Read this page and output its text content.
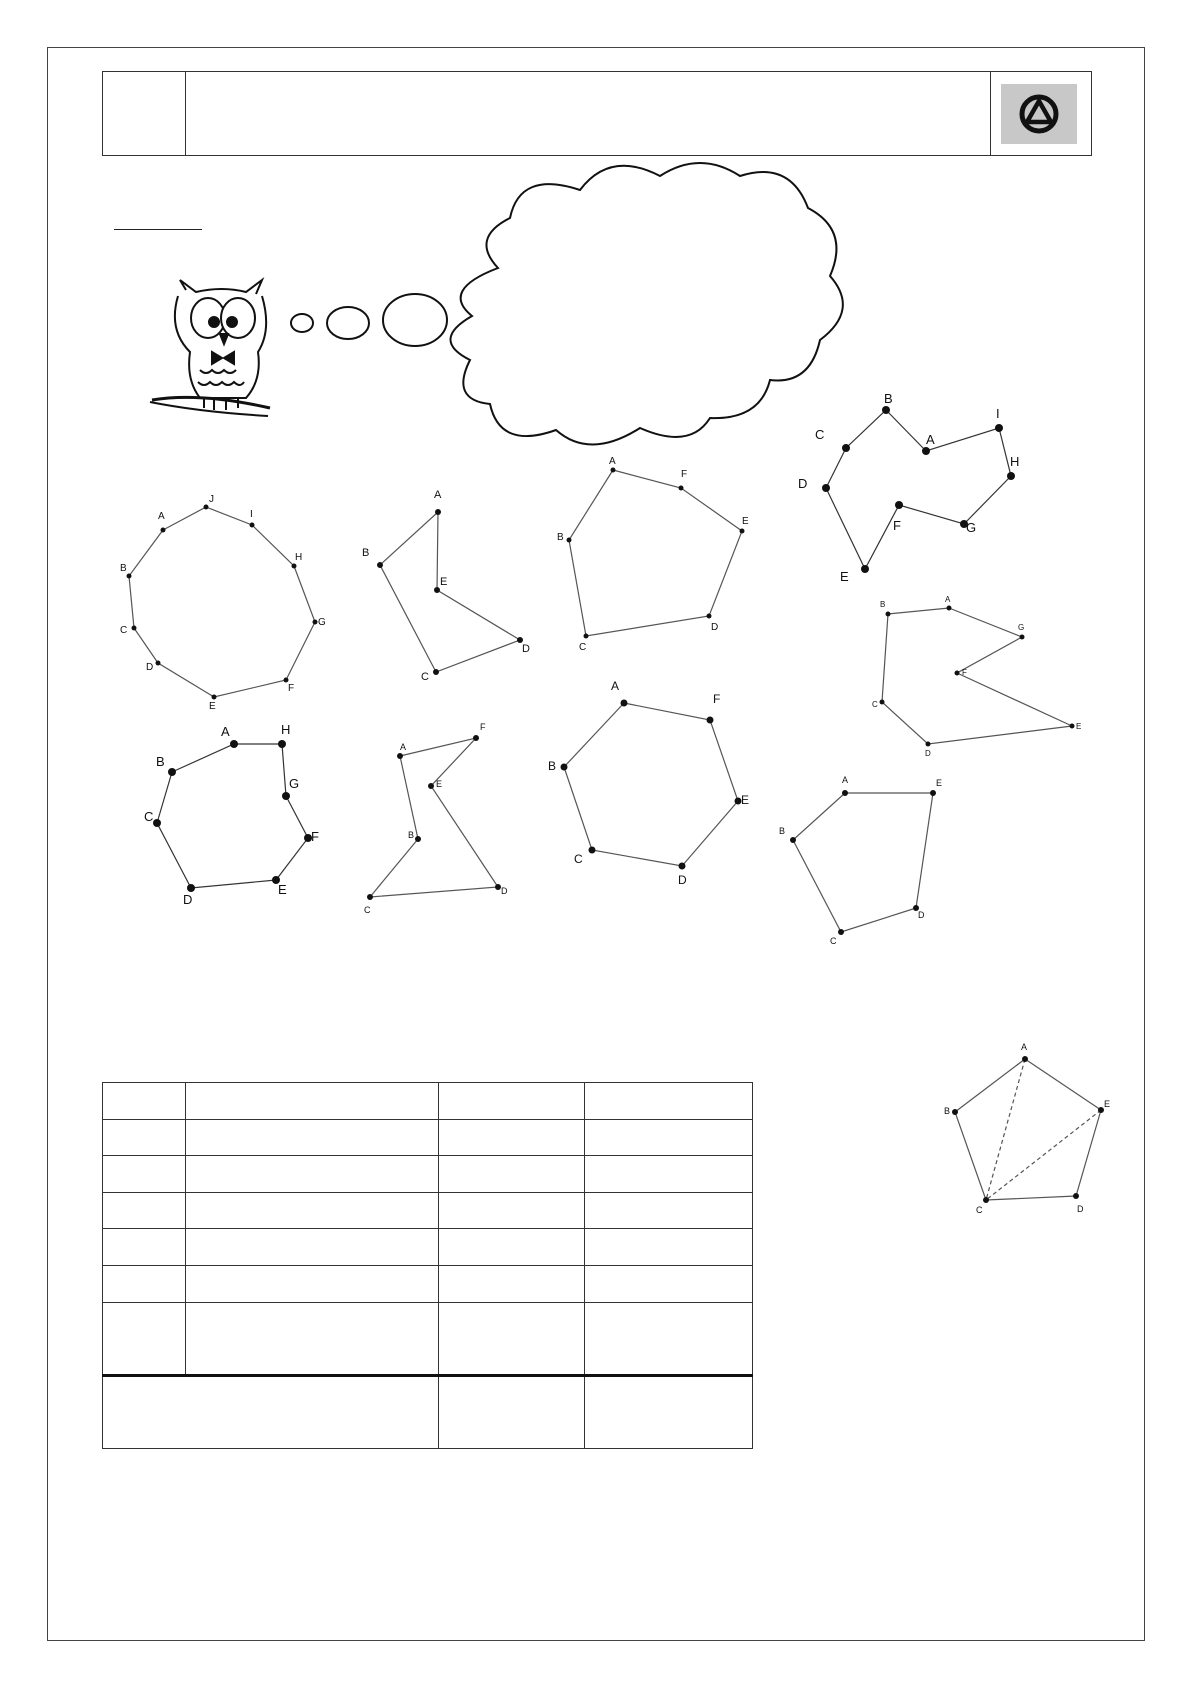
A
J
I
H
G
F
E
D
C
B
A
E
D
C
B
A
F
E
D
C
B
A
B
C
D
E
F	G
H
I
A
G
E
D
C
B
F
A	H
G
F
E
D
C
B
A
F
E
D
C
B
A
F
E
D
C
B
A	E
D
C
B
A
E
D
C
B
